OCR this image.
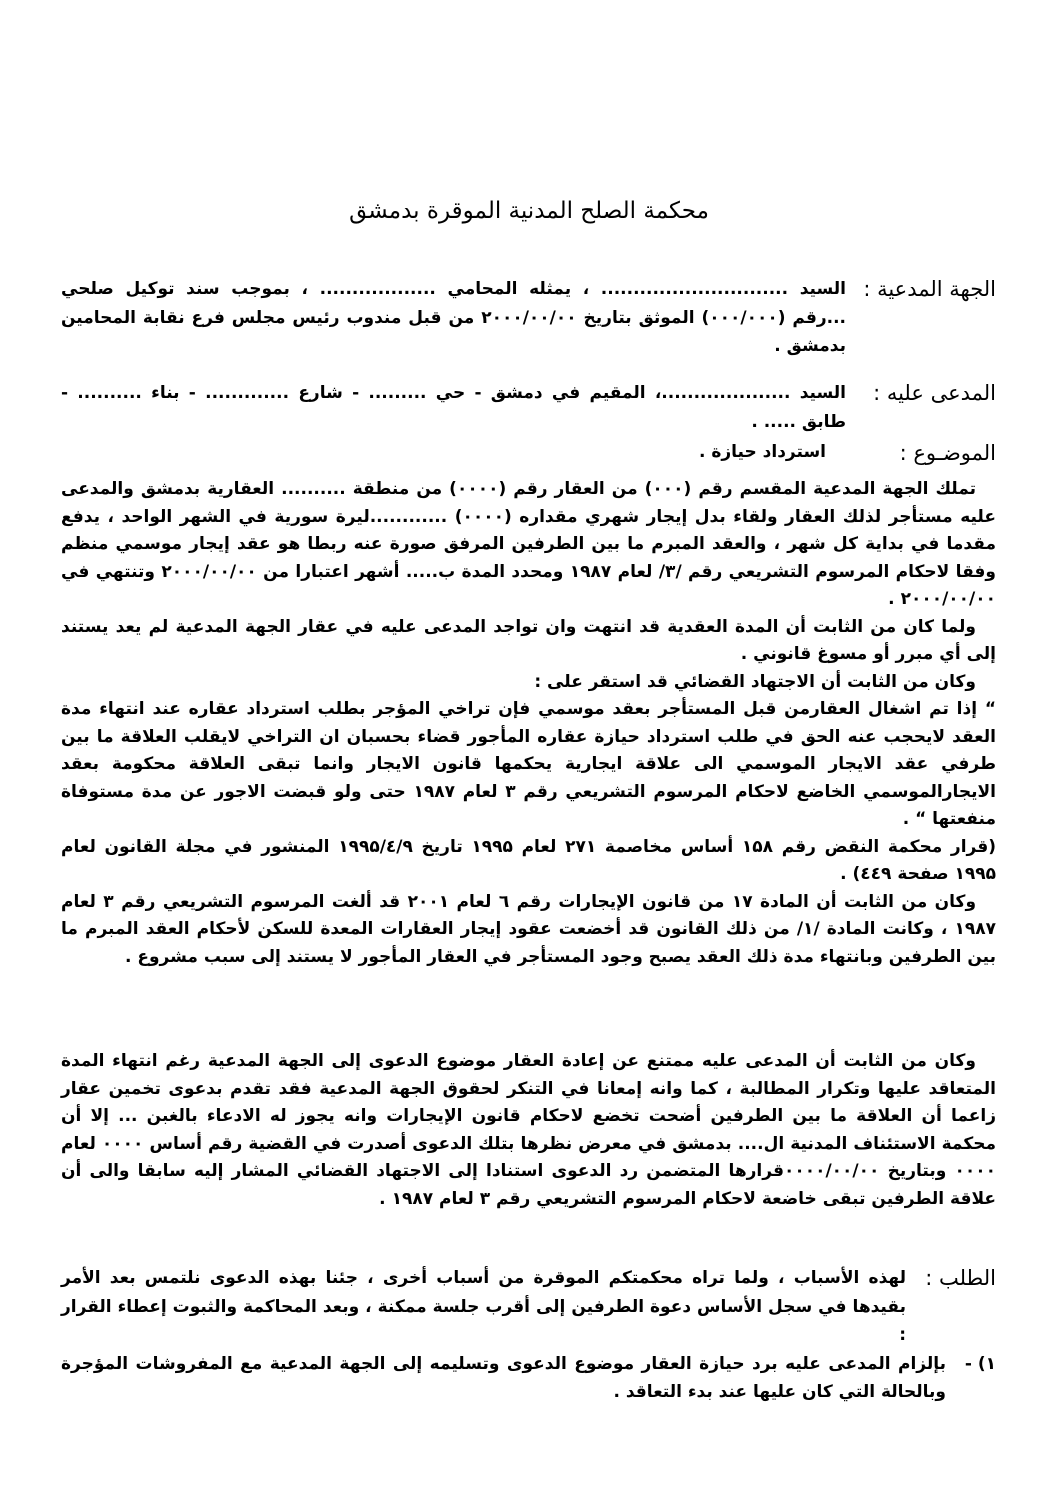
محكمة الصلح المدنية الموقرة بدمشق
الجهة المدعية :
السيد ............................. ، يمثله المحامي .................. ، بموجب سند توكيل صلحي ...رقم (۰۰۰/۰۰۰) الموثق بتاريخ ۲۰۰۰/۰۰/۰۰ من قبل مندوب رئيس مجلس فرع نقابة المحامين بدمشق .
المدعى عليه :
السيد ....................، المقيم في دمشق - حي ......... - شارع ............. - بناء .......... - طابق ..... .
الموضـوع :
استرداد حيازة .

تملك الجهة المدعية المقسم رقم (۰۰۰) من العقار رقم (۰۰۰۰) من منطقة .......... العقارية بدمشق والمدعى عليه مستأجر لذلك العقار ولقاء بدل إيجار شهري مقداره (۰۰۰۰) ............ليرة سورية في الشهر الواحد ، يدفع مقدما في بداية كل شهر ، والعقد المبرم ما بين الطرفين المرفق صورة عنه ربطا هو عقد إيجار موسمي منظم وفقا لاحكام المرسوم التشريعي رقم /۳/ لعام ۱۹۸۷ ومحدد المدة ب..... أشهر اعتبارا من ۲۰۰۰/۰۰/۰۰ وتنتهي في ۲۰۰۰/۰۰/۰۰ .

ولما كان من الثابت أن المدة العقدية قد انتهت وان تواجد المدعى عليه في عقار الجهة المدعية لم يعد يستند إلى أي مبرر أو مسوغ قانوني .

وكان من الثابت أن الاجتهاد القضائي قد استقر على :

“ إذا تم اشغال العقارمن قبل المستأجر بعقد موسمي فإن تراخي المؤجر بطلب استرداد عقاره عند انتهاء مدة العقد لايحجب عنه الحق في طلب استرداد حيازة عقاره المأجور قضاء بحسبان ان التراخي لايقلب العلاقة ما بين طرفي عقد الايجار الموسمي الى علاقة ايجارية يحكمها قانون الايجار وانما تبقى العلاقة محكومة بعقد الايجارالموسمي الخاضع لاحكام المرسوم التشريعي رقم ۳ لعام ۱۹۸۷ حتى ولو قبضت الاجور عن مدة مستوفاة منفعتها “ .

(قرار محكمة النقض رقم ۱۵۸ أساس مخاصمة ۲۷۱ لعام ۱۹۹۵ تاريخ ۱۹۹۵/٤/۹ المنشور في مجلة القانون لعام ۱۹۹۵ صفحة ٤٤۹) .

وكان من الثابت أن المادة ۱۷ من قانون الإيجارات رقم ٦ لعام ۲۰۰۱ قد ألغت المرسوم التشريعي رقم ۳ لعام ۱۹۸۷ ، وكانت المادة /۱/ من ذلك القانون قد أخضعت عقود إيجار العقارات المعدة للسكن لأحكام العقد المبرم ما بين الطرفين وبانتهاء مدة ذلك العقد يصبح وجود المستأجر في العقار المأجور لا يستند إلى سبب مشروع .

وكان من الثابت أن المدعى عليه ممتنع عن إعادة العقار موضوع الدعوى إلى الجهة المدعية رغم انتهاء المدة المتعاقد عليها وتكرار المطالبة ، كما وانه إمعانا في التنكر لحقوق الجهة المدعية فقد تقدم بدعوى تخمين عقار زاعما أن العلاقة ما بين الطرفين أضحت تخضع لاحكام قانون الإيجارات وانه يجوز له الادعاء بالغبن ... إلا أن محكمة الاستئناف المدنية ال.... بدمشق في معرض نظرها بتلك الدعوى أصدرت في القضية رقم أساس ۰۰۰۰ لعام ۰۰۰۰ وبتاريخ ۰۰۰۰/۰۰/۰۰قرارها المتضمن رد الدعوى استنادا إلى الاجتهاد القضائي المشار إليه سابقا والى أن علاقة الطرفين تبقى خاضعة لاحكام المرسوم التشريعي رقم ۳ لعام ۱۹۸۷ .

الطلب :
لهذه الأسباب ، ولما تراه محكمتكم الموقرة من أسباب أخرى ، جئنا بهذه الدعوى نلتمس بعد الأمر بقيدها في سجل الأساس دعوة الطرفين إلى أقرب جلسة ممكنة ، وبعد المحاكمة والثبوت إعطاء القرار :
۱) -
بإلزام المدعى عليه برد حيازة العقار موضوع الدعوى وتسليمه إلى الجهة المدعية مع المفروشات المؤجرة وبالحالة التي كان عليها عند بدء التعاقد .
